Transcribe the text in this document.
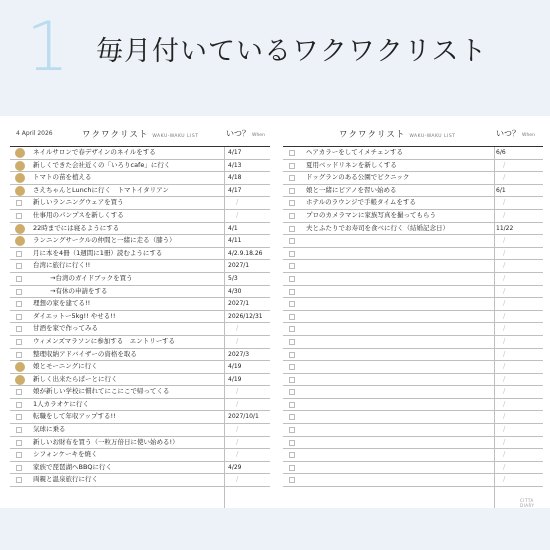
1 毎月付いているワクワクリスト
4 April 2026	ワクワクリスト WAKU-WAKU LIST	いつ？ When
ネイルサロンで春デザインのネイルをする	4/17
新しくできた会社近くの「いろりcafe」に行く	4/13
トマトの苗を植える	4/18
さえちゃんとLunchに行く　トマトイタリアン	4/17
新しいランニングウェアを買う	/
仕事用のパンプスを新しくする	/
22時までには寝るようにする	4/1
ランニングサークルの仲間と一緒に走る（膝う）	4/11
月に本を4冊（1週間に1冊）読むようにする	4/2.9.18.26
台湾に旅行に行く!!	2027/1
→台湾のガイドブックを買う	5/3
→有休の申請をする	4/30
理想の家を建てる!!	2027/1
ダイエットー5kg!! やせる!!	2026/12/31
甘酒を家で作ってみる	/
ウィメンズマラソンに参加する　エントリーする	/
整理収納アドバイザーの資格を取る	2027/3
娘とモーニングに行く	4/19
新しく出来たらぱーとに行く	4/19
娘が新しい学校に慣れてにこにこで帰ってくる	/
1人カラオケに行く	/
転職をして年収アップする!!	2027/10/1
気球に乗る	/
新しいお財布を買う（一粒万倍日に使い始める!）	/
シフォンケーキを焼く	/
家族で琵琶湖へBBQに行く	4/29
両親と温泉旅行に行く	/
ワクワクリスト WAKU-WAKU LIST	いつ？ When
ヘアカラーをしてイメチェンする	6/6
夏用ベッドリネンを新しくする	/
ドッグランのある公園でピクニック	/
娘と一緒にピアノを習い始める	6/1
ホテルのラウンジで手帳タイムをする	/
プロのカメラマンに家族写真を撮ってもらう	/
夫とふたりでお寿司を食べに行く（結婚記念日）	11/22
/
/
/
/
/
/
/
/
/
/
/
/
/
/
/
/
/
/
/
/
CITTA DIARY
